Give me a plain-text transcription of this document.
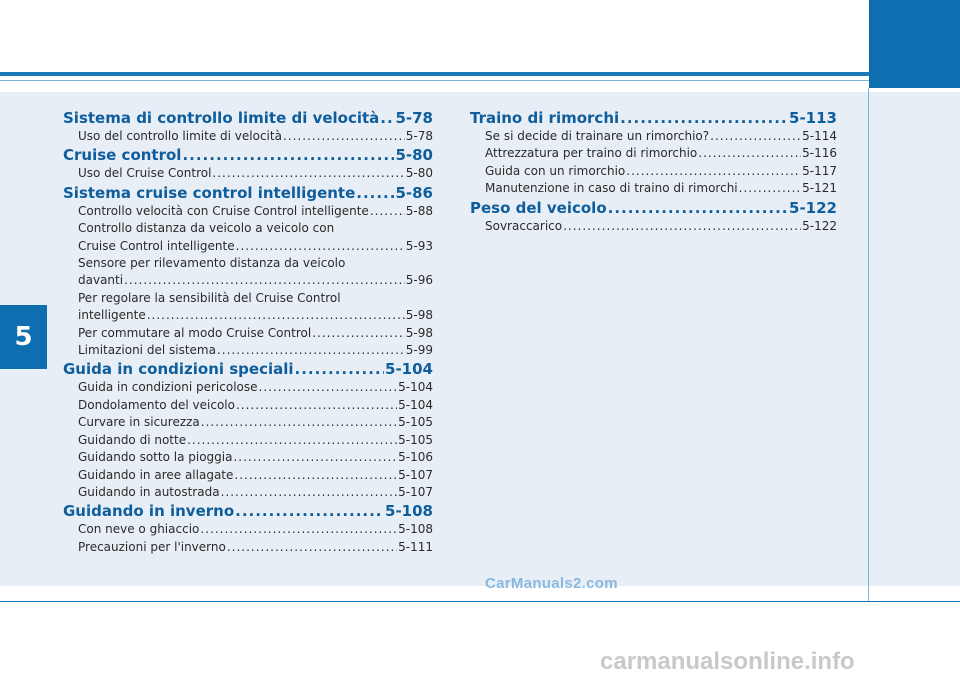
5
Sistema di controllo limite di velocità ..... 5-78
Uso del controllo limite di velocità .....	5-78
Cruise control .....	5-80
Uso del Cruise Control .....	5-80
Sistema cruise control intelligente .....	5-86
Controllo velocità con Cruise Control intelligente .....	5-88
Controllo distanza da veicolo a veicolo con
Cruise Control intelligente .....	5-93
Sensore per rilevamento distanza da veicolo
davanti .....	5-96
Per regolare la sensibilità del Cruise Control
intelligente .....	5-98
Per commutare al modo Cruise Control .....	5-98
Limitazioni del sistema .....	5-99
Guida in condizioni speciali .....	5-104
Guida in condizioni pericolose .....	5-104
Dondolamento del veicolo .....	5-104
Curvare in sicurezza .....	5-105
Guidando di notte .....	5-105
Guidando sotto la pioggia .....	5-106
Guidando in aree allagate .....	5-107
Guidando in autostrada .....	5-107
Guidando in inverno .....	5-108
Con neve o ghiaccio .....	5-108
Precauzioni per l'inverno .....	5-111
Traino di rimorchi .....	5-113
Se si decide di trainare un rimorchio? .....	5-114
Attrezzatura per traino di rimorchio .....	5-116
Guida con un rimorchio .....	5-117
Manutenzione in caso di traino di rimorchi .....	5-121
Peso del veicolo .....	5-122
Sovraccarico .....	5-122
CarManuals2.com
carmanualsonline.info
